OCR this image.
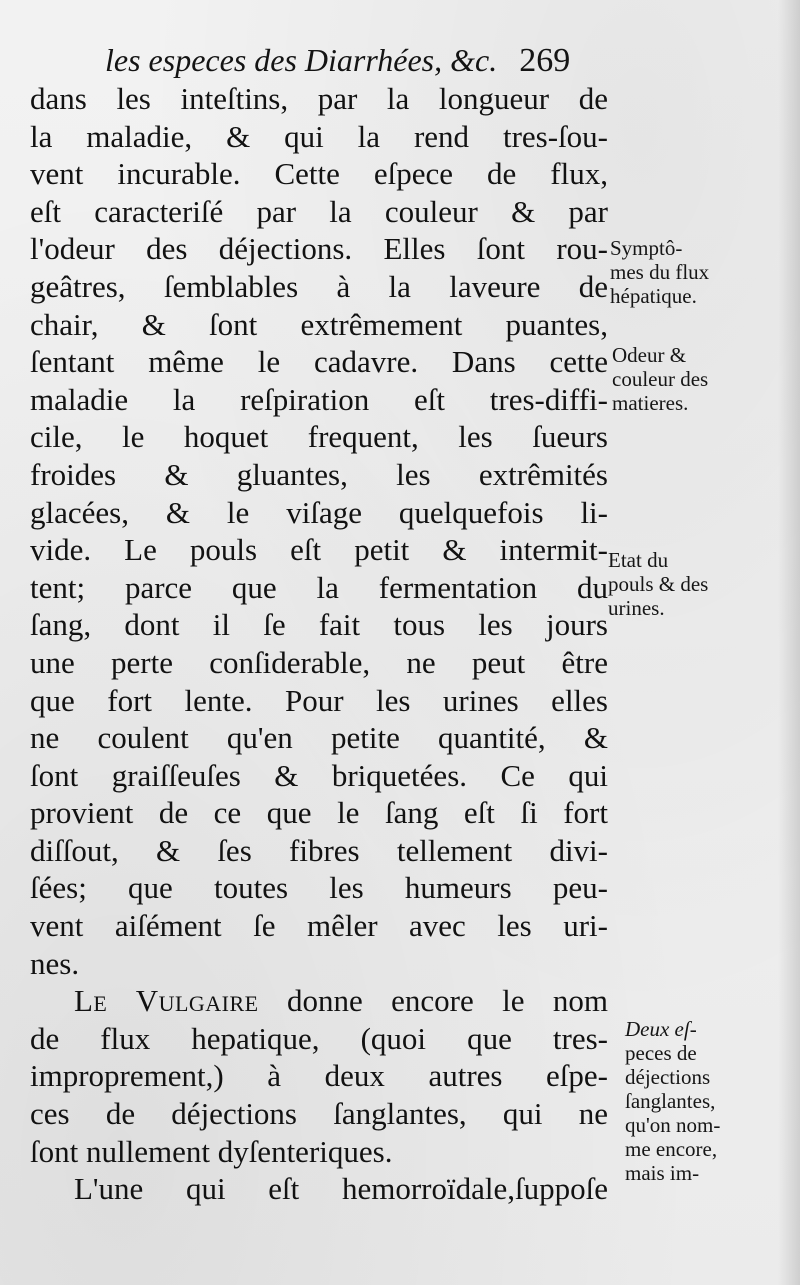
les especes des Diarrhées, &c. 269
dans les inteſtins, par la longueur de
la maladie, & qui la rend tres-ſou-
vent incurable. Cette eſpece de flux,
eſt caracteriſé par la couleur & par
l'odeur des déjections. Elles ſont rou-
geâtres, ſemblables à la laveure de
chair, & ſont extrêmement puantes,
ſentant même le cadavre. Dans cette
maladie la reſpiration eſt tres-diffi-
cile, le hoquet frequent, les ſueurs
froides & gluantes, les extrêmités
glacées, & le viſage quelquefois li-
vide. Le pouls eſt petit & intermit-
tent; parce que la fermentation du
ſang, dont il ſe fait tous les jours
une perte conſiderable, ne peut être
que fort lente. Pour les urines elles
ne coulent qu'en petite quantité, &
ſont graiſſeuſes & briquetées. Ce qui
provient de ce que le ſang eſt ſi fort
diſſout, & ſes fibres tellement divi-
ſées; que toutes les humeurs peu-
vent aiſément ſe mêler avec les uri-
nes.
Le Vulgaire donne encore le nom
de flux hepatique, (quoi que tres-
improprement,) à deux autres eſpe-
ces de déjections ſanglantes, qui ne
ſont nullement dyſenteriques.
L'une qui eſt hemorroïdale,ſuppoſe
Symptô-
mes du flux
hépatique.
Odeur &
couleur des
matieres.
Etat du
pouls & des
urines.
Deux eſ-
peces de
déjections
ſanglantes,
qu'on nom-
me encore,
mais im-
